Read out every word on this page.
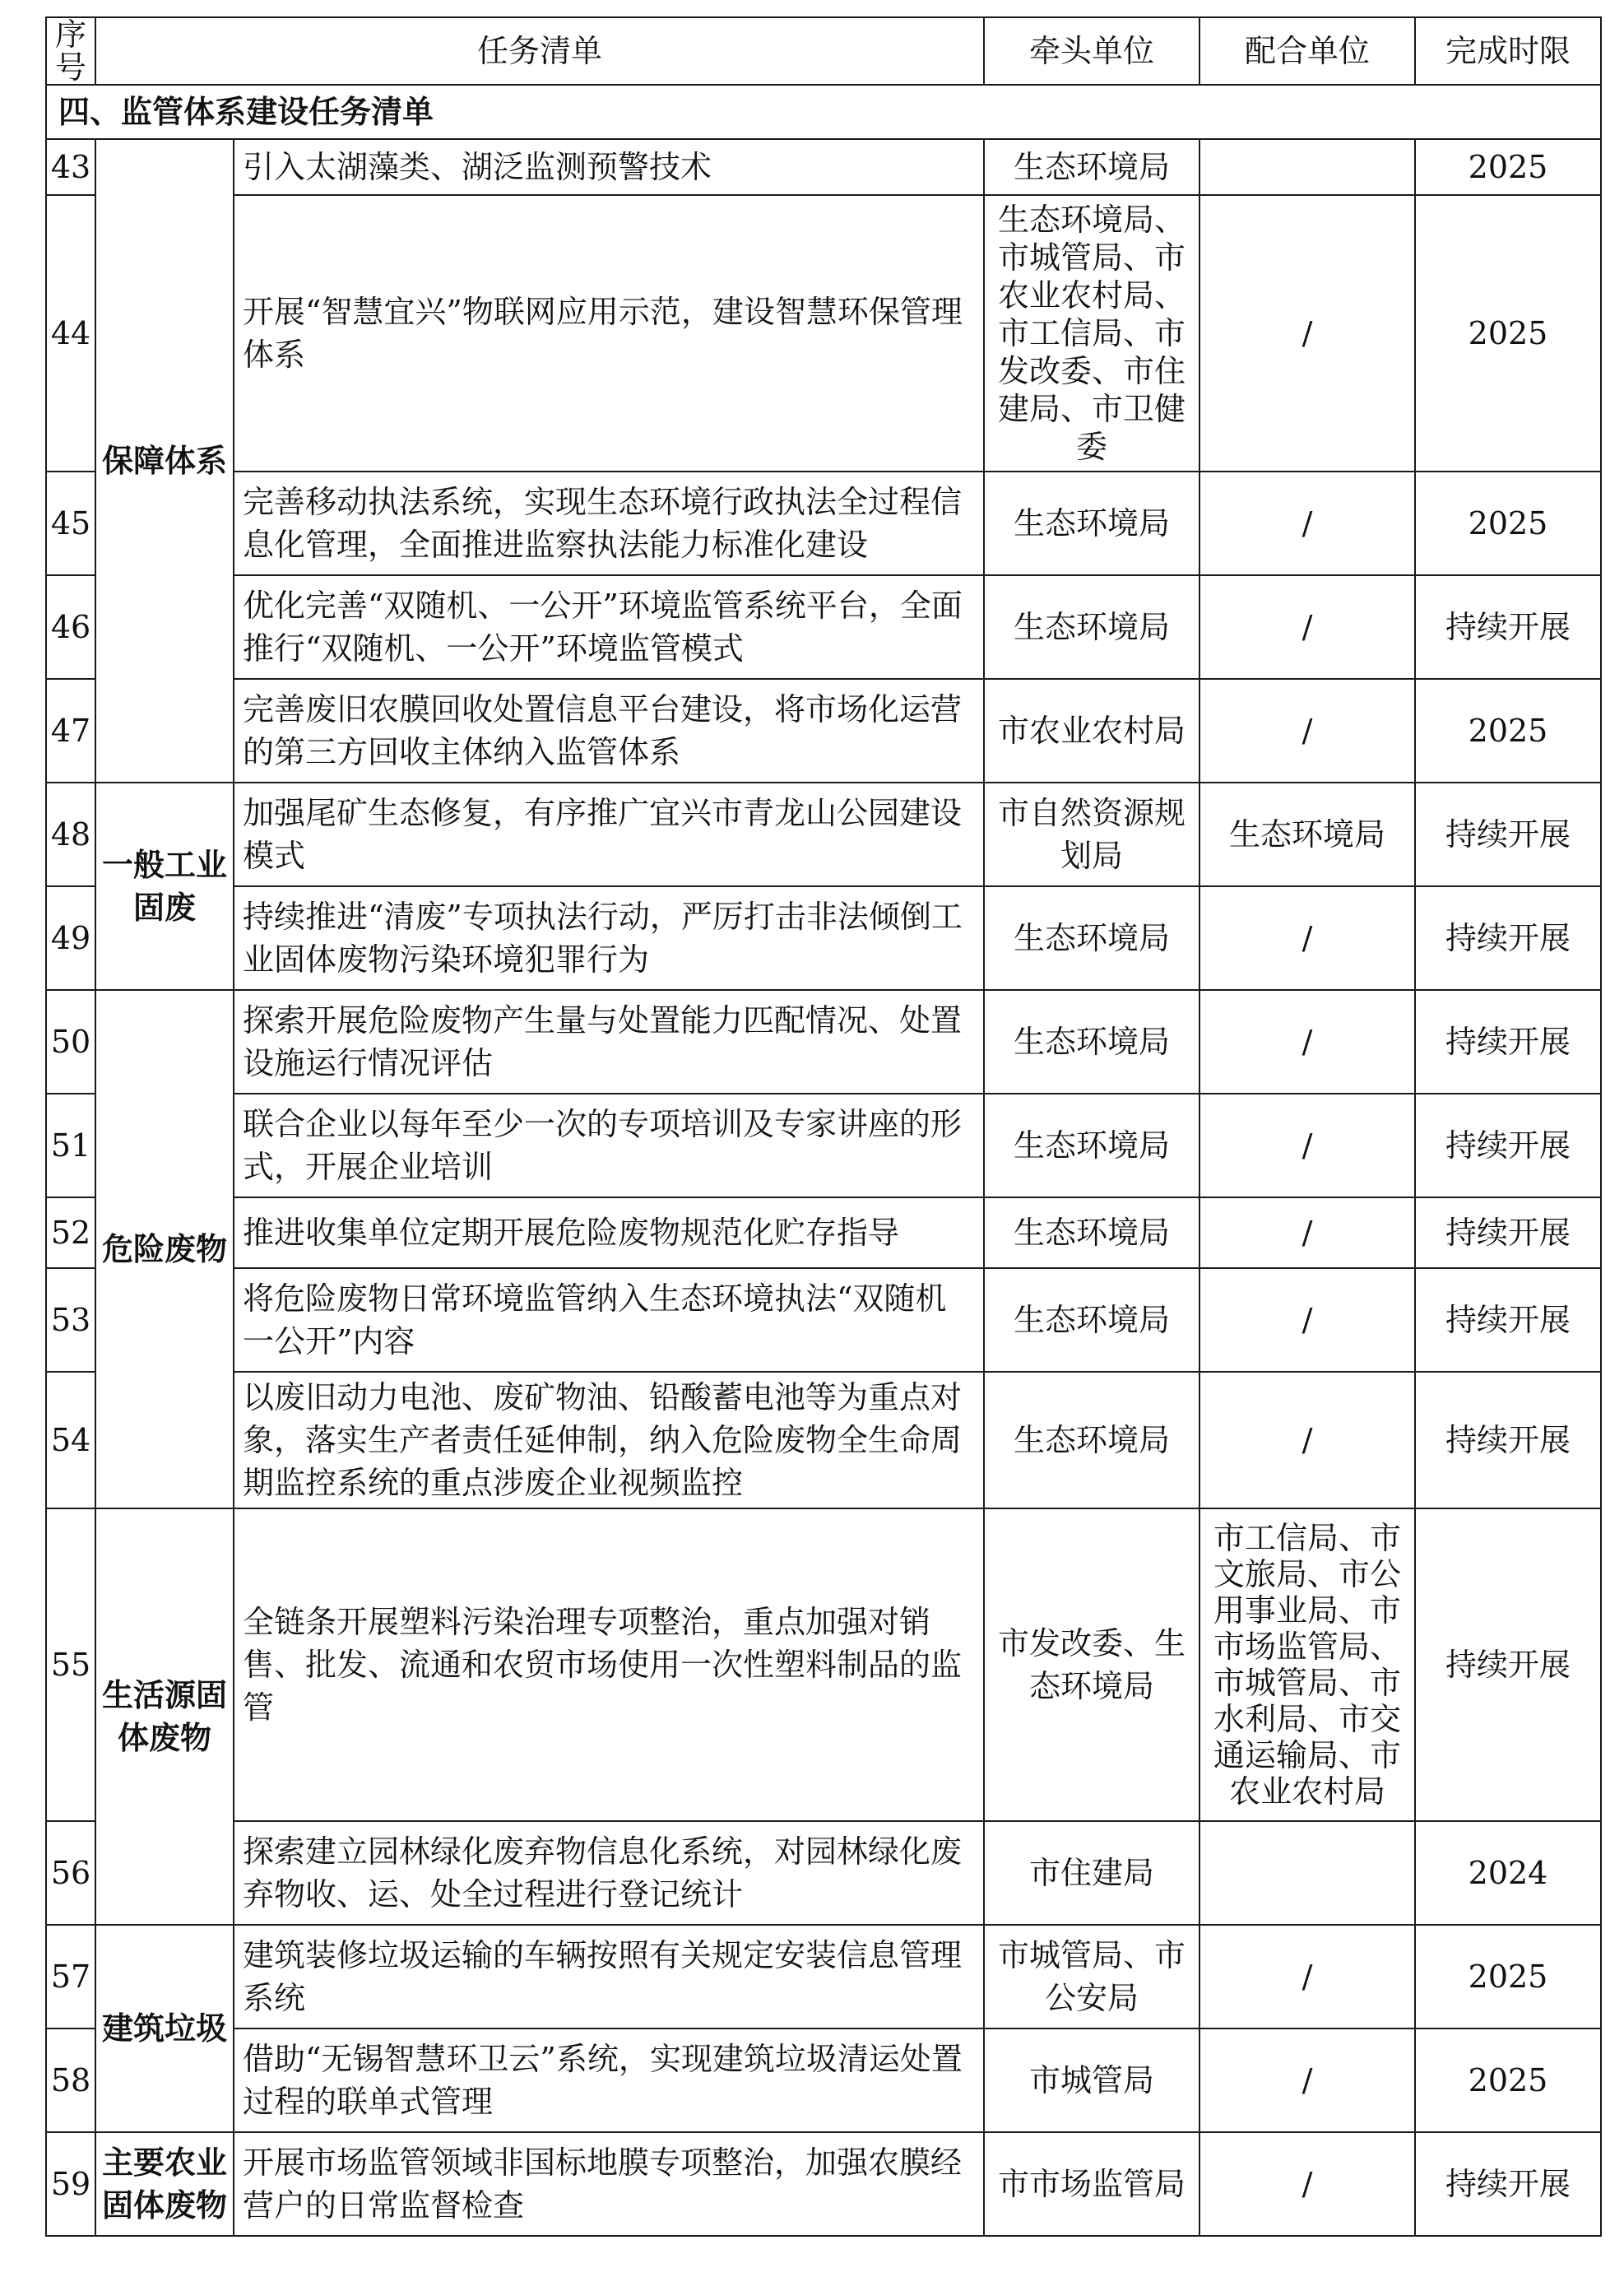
序号	任务清单		牵头单位	配合单位	完成时限
四、监管体系建设任务清单					
43	保障体系	引入太湖藻类、湖泛监测预警技术	生态环境局		2025
44		开展“智慧宜兴”物联网应用示范，建设智慧环保管理体系	生态环境局、市城管局、市农业农村局、市工信局、市发改委、市住建局、市卫健委	/	2025
45		完善移动执法系统，实现生态环境行政执法全过程信息化管理，全面推进监察执法能力标准化建设	生态环境局	/	2025
46		优化完善“双随机、一公开”环境监管系统平台，全面推行“双随机、一公开”环境监管模式	生态环境局	/	持续开展
47		完善废旧农膜回收处置信息平台建设，将市场化运营的第三方回收主体纳入监管体系	市农业农村局	/	2025
48	一般工业固废	加强尾矿生态修复，有序推广宜兴市青龙山公园建设模式	市自然资源规划局	生态环境局	持续开展
49		持续推进“清废”专项执法行动，严厉打击非法倾倒工业固体废物污染环境犯罪行为	生态环境局	/	持续开展
50	危险废物	探索开展危险废物产生量与处置能力匹配情况、处置设施运行情况评估	生态环境局	/	持续开展
51		联合企业以每年至少一次的专项培训及专家讲座的形式，开展企业培训	生态环境局	/	持续开展
52		推进收集单位定期开展危险废物规范化贮存指导	生态环境局	/	持续开展
53		将危险废物日常环境监管纳入生态环境执法“双随机一公开”内容	生态环境局	/	持续开展
54		以废旧动力电池、废矿物油、铅酸蓄电池等为重点对象，落实生产者责任延伸制，纳入危险废物全生命周期监控系统的重点涉废企业视频监控	生态环境局	/	持续开展
55	生活源固体废物	全链条开展塑料污染治理专项整治，重点加强对销售、批发、流通和农贸市场使用一次性塑料制品的监管	市发改委、生态环境局	市工信局、市文旅局、市公用事业局、市市场监管局、市城管局、市水利局、市交通运输局、市农业农村局	持续开展
56		探索建立园林绿化废弃物信息化系统，对园林绿化废弃物收、运、处全过程进行登记统计	市住建局		2024
57	建筑垃圾	建筑装修垃圾运输的车辆按照有关规定安装信息管理系统	市城管局、市公安局	/	2025
58		借助“无锡智慧环卫云”系统，实现建筑垃圾清运处置过程的联单式管理	市城管局	/	2025
59	主要农业固体废物	开展市场监管领域非国标地膜专项整治，加强农膜经营户的日常监督检查	市市场监管局	/	持续开展
